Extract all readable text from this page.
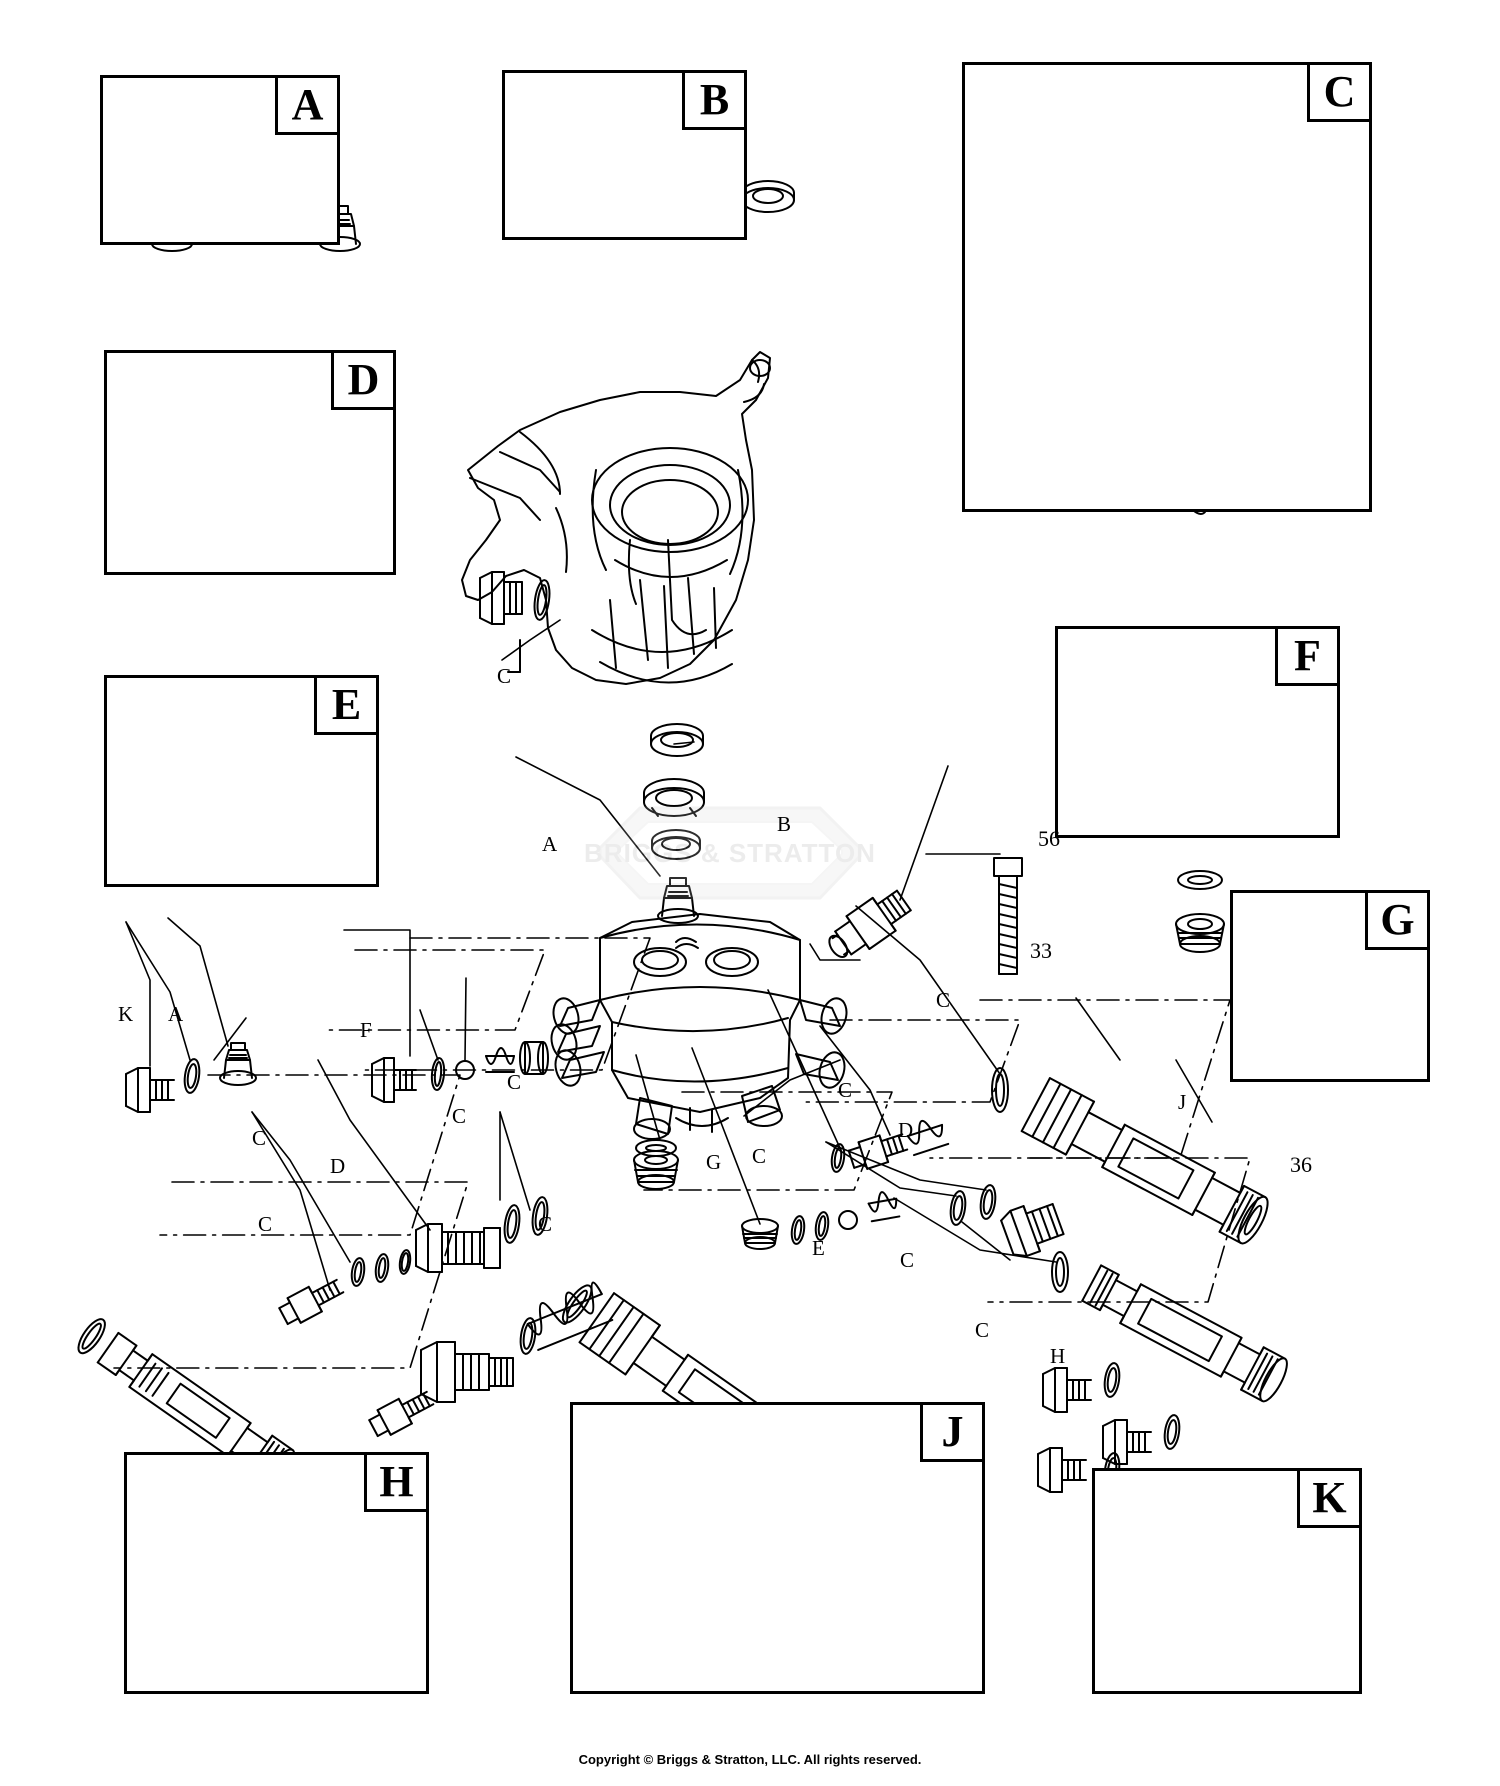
BRIGGS & STRATTON
A	B	C
D
E
F
G
H
J
K
C
A
B
56
33
A
K
C
F
C
C
D
C	C
G C
E
C
D
C
C
J
36
C
H
Copyright © Briggs & Stratton, LLC. All rights reserved.
